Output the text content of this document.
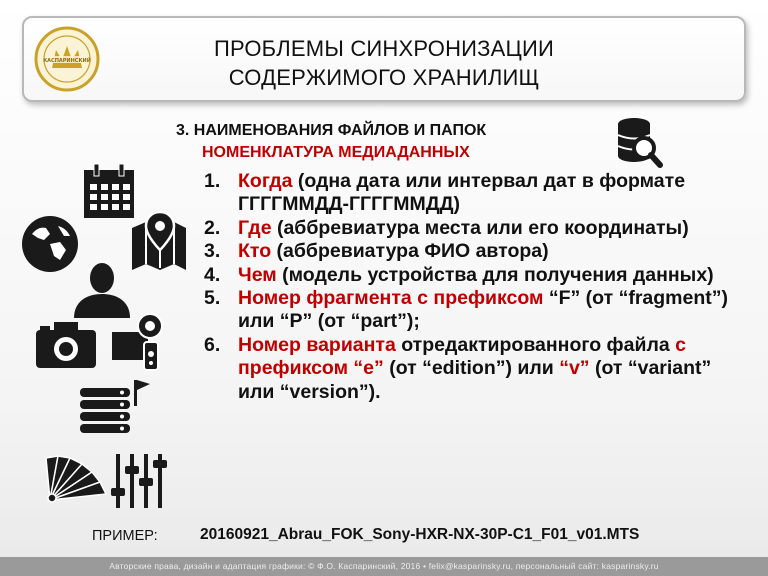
КАСПАРИНСКИЙ	ПРОБЛЕМЫ СИНХРОНИЗАЦИИ
СОДЕРЖИМОГО ХРАНИЛИЩ
3. НАИМЕНОВАНИЯ ФАЙЛОВ И ПАПОК
НОМЕНКЛАТУРА МЕДИАДАННЫХ
1. Когда (одна дата или интервал дат в формате ГГГГММДД-ГГГГММДД)
2. Где (аббревиатура места или его координаты)
3. Кто (аббревиатура ФИО автора)
4. Чем (модель устройства для получения данных)
5. Номер фрагмента с префиксом “F” (от “fragment”) или “P” (от “part”);
6. Номер варианта отредактированного файла с префиксом “e” (от “edition”) или “v” (от “variant” или “version”).
ПРИМЕР:	20160921_Abrau_FOK_Sony-HXR-NX-30P-C1_F01_v01.MTS
Авторские права, дизайн и адаптация графики: © Ф.О. Каспаринский, 2016 • felix@kasparinsky.ru, персональный сайт: kasparinsky.ru
